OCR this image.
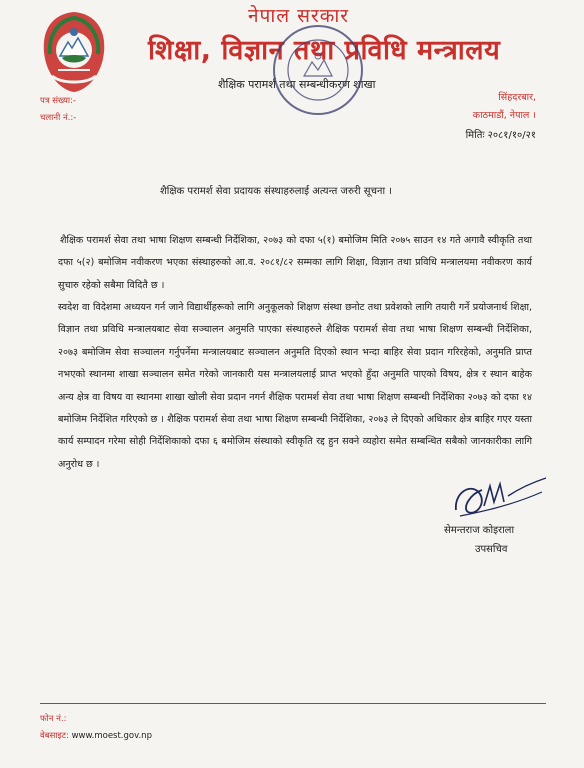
नेपाल सरकार
शिक्षा, विज्ञान तथा प्रविधि मन्त्रालय
शैक्षिक परामर्श तथा सम्बन्धीकरण शाखा
पत्र संख्या:-
चलानी नं.:-
सिंहदरबार,
काठमाडौं, नेपाल ।
मितिः २०८१/१०/२१
शैक्षिक परामर्श सेवा प्रदायक संस्थाहरुलाई अत्यन्त जरुरी सूचना ।
शैक्षिक परामर्श सेवा तथा भाषा शिक्षण सम्बन्धी निर्देशिका, २०७३ को दफा ५(१) बमोजिम मिति २०७५ साउन १४ गते अगावै स्वीकृति तथा दफा ५(२) बमोजिम नवीकरण भएका संस्थाहरुको आ.व. २०८१/८२ सम्मका लागि शिक्षा, विज्ञान तथा प्रविधि मन्त्रालयमा नवीकरण कार्य सुचारु रहेको सबैमा विदितै छ ।
स्वदेश वा विदेशमा अध्ययन गर्न जाने विद्यार्थीहरूको लागि अनुकूलको शिक्षण संस्था छनोट तथा प्रवेशको लागि तयारी गर्ने प्रयोजनार्थ शिक्षा, विज्ञान तथा प्रविधि मन्त्रालयबाट सेवा सञ्चालन अनुमति पाएका संस्थाहरुले शैक्षिक परामर्श सेवा तथा भाषा शिक्षण सम्बन्धी निर्देशिका, २०७३ बमोजिम सेवा सञ्चालन गर्नुपर्नेमा मन्त्रालयबाट सञ्चालन अनुमति दिएको स्थान भन्दा बाहिर सेवा प्रदान गरिरहेको, अनुमति प्राप्त नभएको स्थानमा शाखा सञ्चालन समेत गरेको जानकारी यस मन्त्रालयलाई प्राप्त भएको हुँदा अनुमति पाएको विषय, क्षेत्र र स्थान बाहेक अन्य क्षेत्र वा विषय वा स्थानमा शाखा खोली सेवा प्रदान नगर्न शैक्षिक परामर्श सेवा तथा भाषा शिक्षण सम्बन्धी निर्देशिका २०७३ को दफा १४ बमोजिम निर्देशित गरिएको छ । शैक्षिक परामर्श सेवा तथा भाषा शिक्षण सम्बन्धी निर्देशिका, २०७३ ले दिएको अधिकार क्षेत्र बाहिर गएर यस्ता कार्य सम्पादन गरेमा सोही निर्देशिकाको दफा ६ बमोजिम संस्थाको स्वीकृति रद्द हुन सक्ने व्यहोरा समेत सम्बन्धित सबैको जानकारीका लागि अनुरोध छ ।
सेमन्तराज कोइराला
उपसचिव
फोन नं.:
वेबसाइट: www.moest.gov.np
